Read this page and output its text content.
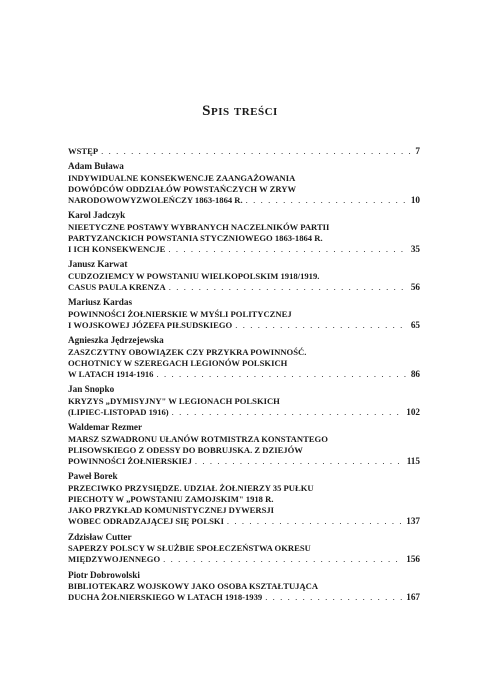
Spis treści
WSTĘP . . .	7
Adam Buława
INDYWIDUALNE KONSEKWENCJE ZAANGAŻOWANIA
DOWÓDCÓW ODDZIAŁÓW POWSTAŃCZYCH W ZRYW
NARODOWOWYZWOLEŃCZY 1863-1864 R. . . .	10
Karol Jadczyk
NIEETYCZNE POSTAWY WYBRANYCH NACZELNIKÓW PARTII
PARTYZANCKICH POWSTANIA STYCZNIOWEGO 1863-1864 R.
I ICH KONSEKWENCJE . . .	35
Janusz Karwat
CUDZOZIEMCY W POWSTANIU WIELKOPOLSKIM 1918/1919.
CASUS PAULA KRENZA . . .	56
Mariusz Kardas
POWINNOŚCI ŻOŁNIERSKIE W MYŚLI POLITYCZNEJ
I WOJSKOWEJ JÓZEFA PIŁSUDSKIEGO . . .	65
Agnieszka Jędrzejewska
ZASZCZYTNY OBOWIĄZEK CZY PRZYKRA POWINNOŚĆ.
OCHOTNICY W SZEREGACH LEGIONÓW POLSKICH
W LATACH 1914-1916 . . .	86
Jan Snopko
KRYZYS „DYMISYJNY" W LEGIONACH POLSKICH
(LIPIEC-LISTOPAD 1916) . . .	102
Waldemar Rezmer
MARSZ SZWADRONU UŁANÓW ROTMISTRZA KONSTANTEGO
PLISOWSKIEGO Z ODESSY DO BOBRUJSKA. Z DZIEJÓW
POWINNOŚCI ŻOŁNIERSKIEJ . . .	115
Paweł Borek
PRZECIWKO PRZYSIĘDZE. UDZIAŁ ŻOŁNIERZY 35 PUŁKU
PIECHOTY W „POWSTANIU ZAMOJSKIM" 1918 R.
JAKO PRZYKŁAD KOMUNISTYCZNEJ DYWERSJI
WOBEC ODRADZAJĄCEJ SIĘ POLSKI . . .	137
Zdzisław Cutter
SAPERZY POLSCY W SŁUŻBIE SPOŁECZEŃSTWA OKRESU
MIĘDZYWOJENNEGO . . .	156
Piotr Dobrowolski
BIBLIOTEKARZ WOJSKOWY JAKO OSOBA KSZTAŁTUJĄCA
DUCHA ŻOŁNIERSKIEGO W LATACH 1918-1939 . . .	167
